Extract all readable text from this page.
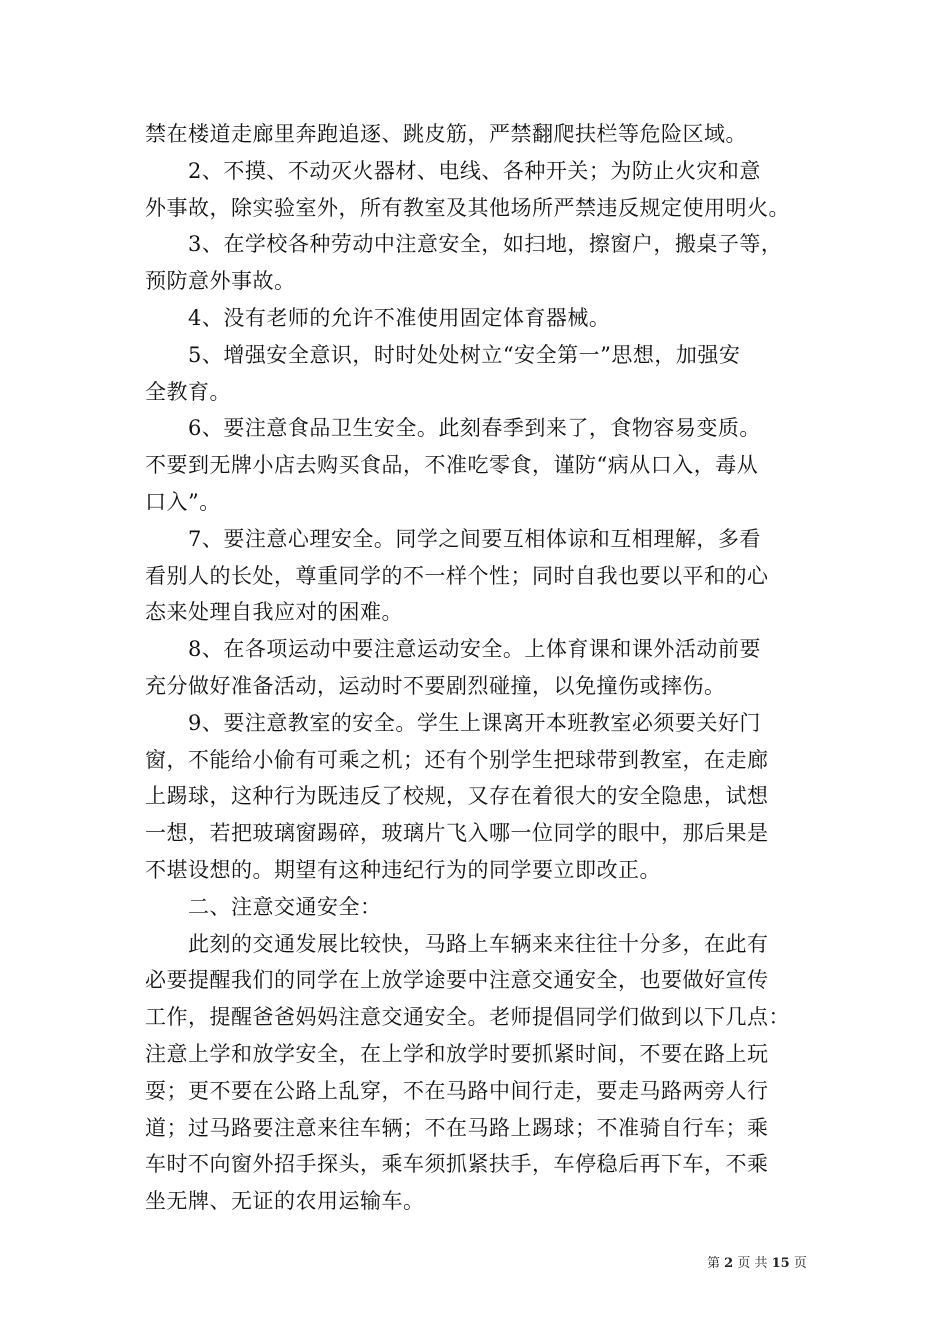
禁在楼道走廊里奔跑追逐、跳皮筋，严禁翻爬扶栏等危险区域。
2、不摸、不动灭火器材、电线、各种开关；为防止火灾和意
外事故，除实验室外，所有教室及其他场所严禁违反规定使用明火。
3、在学校各种劳动中注意安全，如扫地，擦窗户，搬桌子等，
预防意外事故。
4、没有老师的允许不准使用固定体育器械。
5、增强安全意识，时时处处树立“安全第一”思想，加强安
全教育。
6、要注意食品卫生安全。此刻春季到来了，食物容易变质。
不要到无牌小店去购买食品，不准吃零食，谨防“病从口入，毒从
口入”。
7、要注意心理安全。同学之间要互相体谅和互相理解，多看
看别人的长处，尊重同学的不一样个性；同时自我也要以平和的心
态来处理自我应对的困难。
8、在各项运动中要注意运动安全。上体育课和课外活动前要
充分做好准备活动，运动时不要剧烈碰撞，以免撞伤或摔伤。
9、要注意教室的安全。学生上课离开本班教室必须要关好门
窗，不能给小偷有可乘之机；还有个别学生把球带到教室，在走廊
上踢球，这种行为既违反了校规，又存在着很大的安全隐患，试想
一想，若把玻璃窗踢碎，玻璃片飞入哪一位同学的眼中，那后果是
不堪设想的。期望有这种违纪行为的同学要立即改正。
二、注意交通安全：
此刻的交通发展比较快，马路上车辆来来往往十分多，在此有
必要提醒我们的同学在上放学途要中注意交通安全，也要做好宣传
工作，提醒爸爸妈妈注意交通安全。老师提倡同学们做到以下几点：
注意上学和放学安全，在上学和放学时要抓紧时间，不要在路上玩
耍；更不要在公路上乱穿，不在马路中间行走，要走马路两旁人行
道；过马路要注意来往车辆；不在马路上踢球；不准骑自行车；乘
车时不向窗外招手探头，乘车须抓紧扶手，车停稳后再下车，不乘
坐无牌、无证的农用运输车。
第 2 页 共 15 页
